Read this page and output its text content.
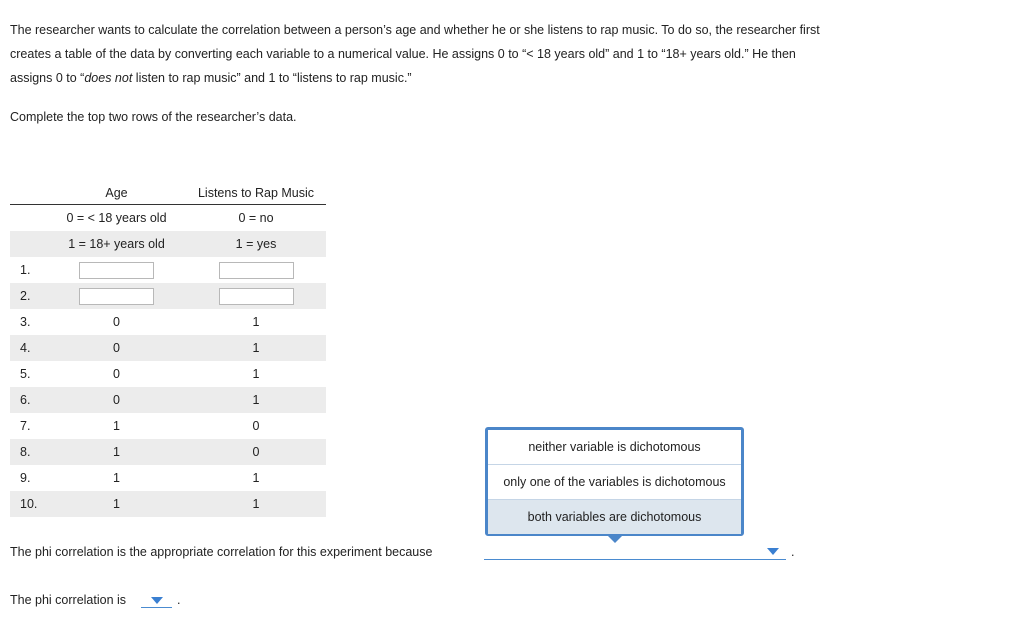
The researcher wants to calculate the correlation between a person’s age and whether he or she listens to rap music. To do so, the researcher first

creates a table of the data by converting each variable to a numerical value. He assigns 0 to “< 18 years old” and 1 to “18+ years old.” He then

assigns 0 to “does not listen to rap music” and 1 to “listens to rap music.”

Complete the top two rows of the researcher’s data.
Age	Listens to Rap Music
0 = < 18 years old	0 = no
1 = 18+ years old	1 = yes
1.
2.
3.	0	1
4.	0	1
5.	0	1
6.	0	1
7.	1	0
8.	1	0
9.	1	1
10.	1	1
neither variable is dichotomous
only one of the variables is dichotomous
both variables are dichotomous
The phi correlation is the appropriate correlation for this experiment because	.
The phi correlation is	.
